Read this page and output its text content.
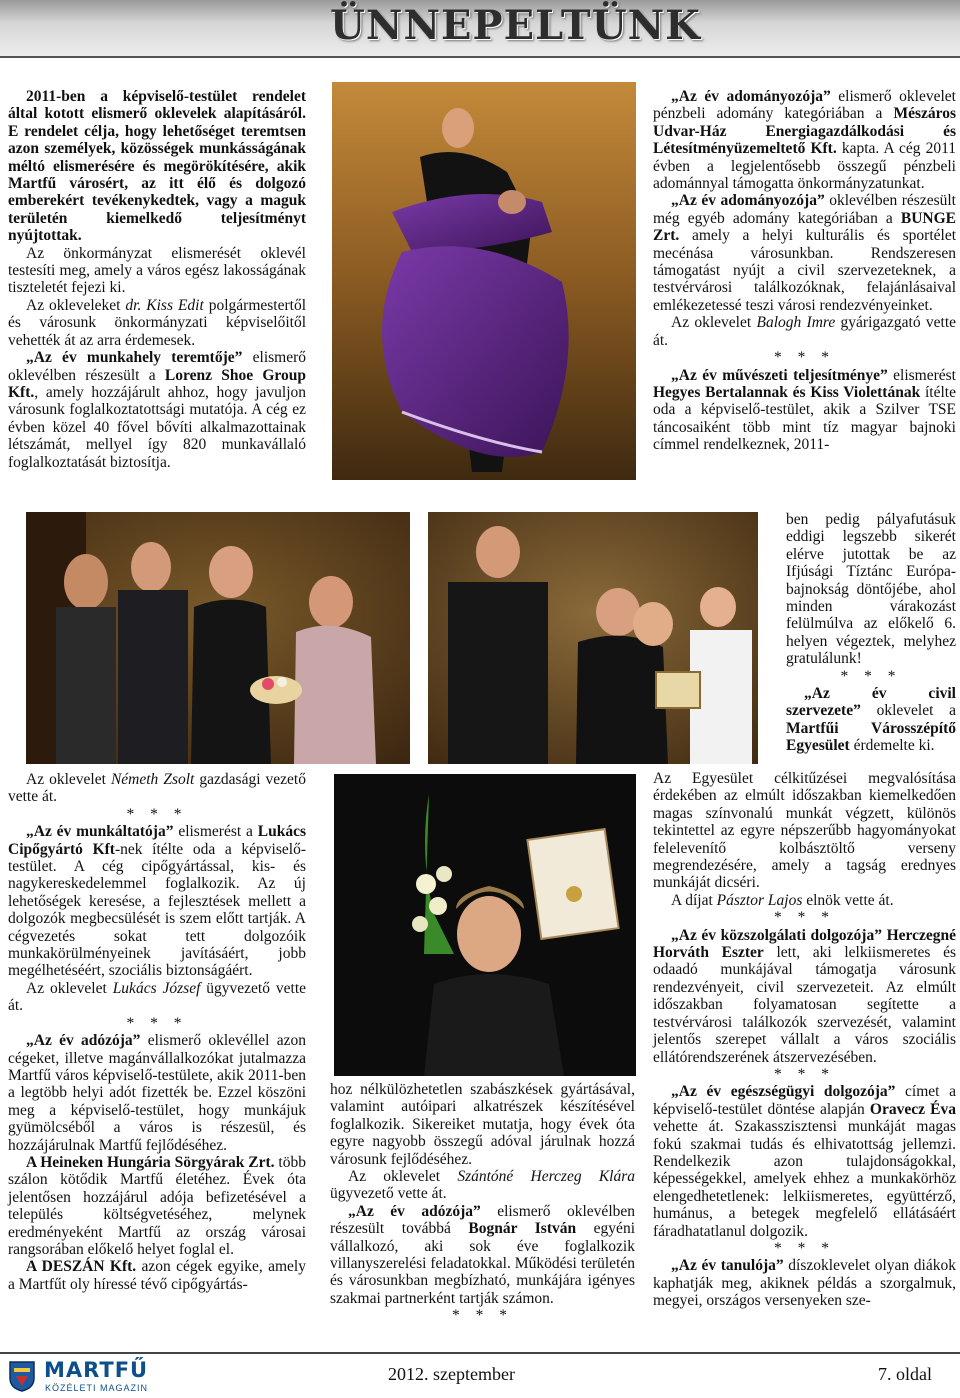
ÜNNEPELTÜNK

2011-ben a képviselő-testület rendelet által kotott elismerő oklevelek alapításáról. E rendelet célja, hogy lehetőséget teremtsen azon személyek, közösségek munkásságának méltó elismerésére és megörökítésére, akik Martfű városért, az itt élő és dolgozó emberekért tevékenykedtek, vagy a maguk területén kiemelkedő teljesítményt nyújtottak.

Az önkormányzat elismerését oklevél testesíti meg, amely a város egész lakosságának tiszteletét fejezi ki.

Az okleveleket dr. Kiss Edit polgármestertől és városunk önkormányzati képviselőitől vehették át az arra érdemesek.

„Az év munkahely teremtője” elismerő oklevélben részesült a Lorenz Shoe Group Kft., amely hozzájárult ahhoz, hogy javuljon városunk foglalkoztatottsági mutatója. A cég ez évben közel 40 fővel bővíti alkalmazottainak létszámát, mellyel így 820 munkavállaló foglalkoztatását biztosítja.

Az oklevelet Németh Zsolt gazdasági vezető vette át.

* * *

„Az év munkáltatója” elismerést a Lukács Cipőgyártó Kft-nek ítélte oda a képviselő-testület. A cég cipőgyártással, kis- és nagykereskedelemmel foglalkozik. Az új lehetőségek keresése, a fejlesztések mellett a dolgozók megbecsülését is szem előtt tartják. A cégvezetés sokat tett dolgozóik munkakörülményeinek javításáért, jobb megélhetéséért, szociális biztonságáért.

Az oklevelet Lukács József ügyvezető vette át.

* * *

„Az év adózója” elismerő oklevéllel azon cégeket, illetve magánvállalkozókat jutalmazza Martfű város képviselő-testülete, akik 2011-ben a legtöbb helyi adót fizették be. Ezzel köszöni meg a képviselő-testület, hogy munkájuk gyümölcséből a város is részesül, és hozzájárulnak Martfű fejlődéséhez.

A Heineken Hungária Sörgyárak Zrt. több szálon kötődik Martfű életéhez. Évek óta jelentősen hozzájárul adója befizetésével a település költségvetéséhez, melynek eredményeként Martfű az ország városai rangsorában előkelő helyet foglal el.

A DESZÁN Kft. azon cégek egyike, amely a Martfűt oly híressé tévő cipőgyártás-

hoz nélkülözhetetlen szabászkések gyártásával, valamint autóipari alkatrészek készítésével foglalkozik. Sikereiket mutatja, hogy évek óta egyre nagyobb összegű adóval járulnak hozzá városunk fejlődéséhez.

Az oklevelet Szántóné Herczeg Klára ügyvezető vette át.

„Az év adózója” elismerő oklevélben részesült továbbá Bognár István egyéni vállalkozó, aki sok éve foglalkozik villanyszerelési feladatokkal. Működési területén és városunkban megbízható, munkájára igényes szakmai partnerként tartják számon.

* * *

„Az év adományozója” elismerő oklevelet pénzbeli adomány kategóriában a Mészáros Udvar-Ház Energiagazdálkodási és Létesítményüzemeltető Kft. kapta. A cég 2011 évben a legjelentősebb összegű pénzbeli adománnyal támogatta önkormányzatunkat.

„Az év adományozója” oklevélben részesült még egyéb adomány kategóriában a BUNGE Zrt. amely a helyi kulturális és sportélet mecénása városunkban. Rendszeresen támogatást nyújt a civil szervezeteknek, a testvérvárosi találkozóknak, felajánlásaival emlékezetessé teszi városi rendezvényeinket.

Az oklevelet Balogh Imre gyárigazgató vette át.

* * *

„Az év művészeti teljesítménye” elismerést Hegyes Bertalannak és Kiss Violettának ítélte oda a képviselő-testület, akik a Szilver TSE táncosaiként több mint tíz magyar bajnoki címmel rendelkeznek, 2011-

ben pedig pályafutásuk eddigi legszebb sikerét elérve jutottak be az Ifjúsági Tíztánc Európa-bajnokság döntőjébe, ahol minden várakozást felülmúlva az előkelő 6. helyen végeztek, melyhez gratulálunk!

* * *

„Az év civil szervezete” oklevelet a Martfűi Városszépítő Egyesület érdemelte ki.

Az Egyesület célkitűzései megvalósítása érdekében az elmúlt időszakban kiemelkedően magas színvonalú munkát végzett, különös tekintettel az egyre népszerűbb hagyományokat felelevenítő kolbásztöltő verseny megrendezésére, amely a tagság erednyes munkáját dicséri.

A díjat Pásztor Lajos elnök vette át.

* * *

„Az év közszolgálati dolgozója” Herczegné Horváth Eszter lett, aki lelkiismeretes és odaadó munkájával támogatja városunk rendezvényeit, civil szervezeteit. Az elmúlt időszakban folyamatosan segítette a testvérvárosi találkozók szervezését, valamint jelentős szerepet vállalt a város szociális ellátórendszerének átszervezésében.

* * *

„Az év egészségügyi dolgozója” címet a képviselő-testület döntése alapján Oravecz Éva vehette át. Szakasszisztensi munkáját magas fokú szakmai tudás és elhivatottság jellemzi. Rendelkezik azon tulajdonságokkal, képességekkel, amelyek ehhez a munkakörhöz elengedhetetlenek: lelkiismeretes, együttérző, humánus, a betegek megfelelő ellátásáért fáradhatatlanul dolgozik.

* * *

„Az év tanulója” díszoklevelet olyan diákok kaphatják meg, akiknek példás a szorgalmuk, megyei, országos versenyeken sze-

MARTFŰ
KÖZÉLETI MAGAZIN
2012. szeptember	7. oldal
